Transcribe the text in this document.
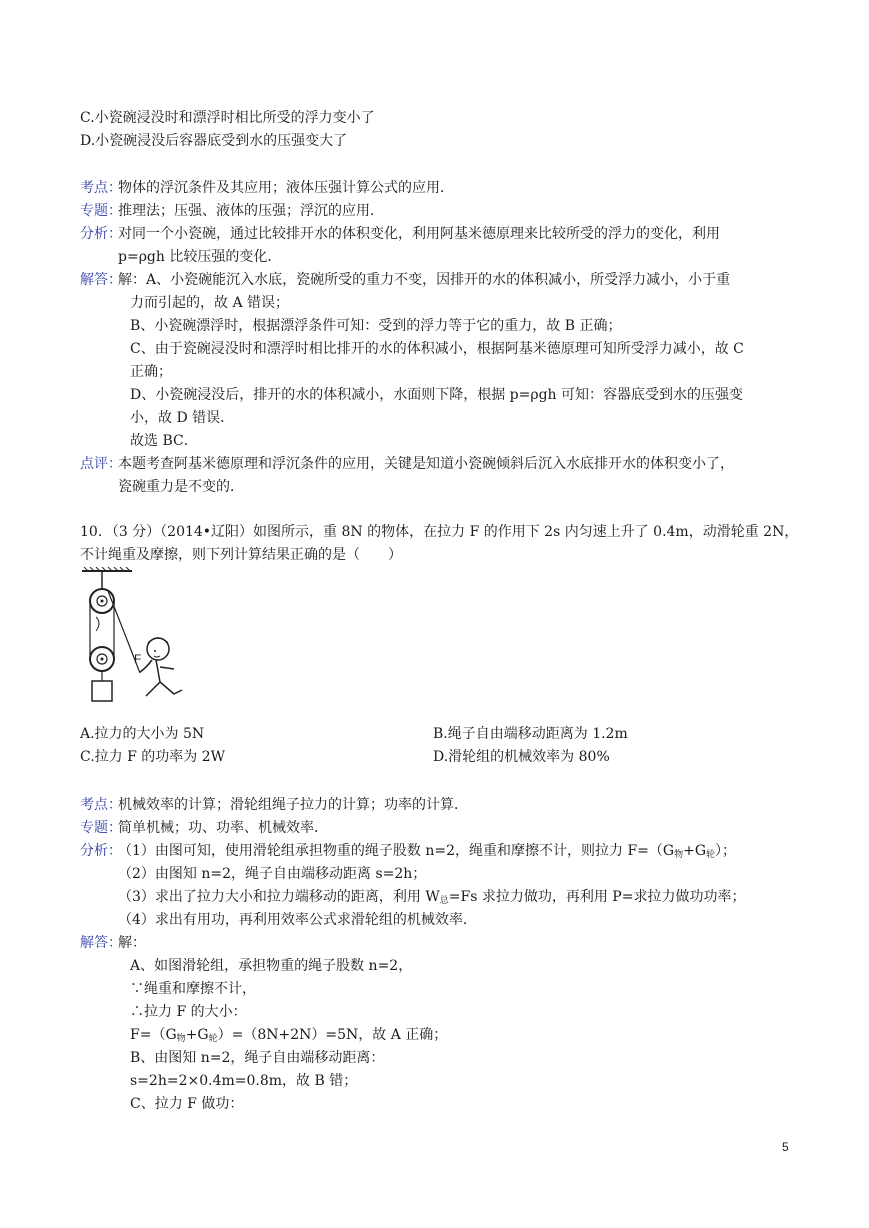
C.小瓷碗浸没时和漂浮时相比所受的浮力变小了
D.小瓷碗浸没后容器底受到水的压强变大了
考点：
物体的浮沉条件及其应用；液体压强计算公式的应用．
专题：
推理法；压强、液体的压强；浮沉的应用．
分析：
对同一个小瓷碗，通过比较排开水的体积变化，利用阿基米德原理来比较所受的浮力的变化，利用
p=ρgh 比较压强的变化．
解答：
解：A、小瓷碗能沉入水底，瓷碗所受的重力不变，因排开的水的体积减小，所受浮力减小，小于重
力而引起的，故 A 错误；
B、小瓷碗漂浮时，根据漂浮条件可知：受到的浮力等于它的重力，故 B 正确；
C、由于瓷碗浸没时和漂浮时相比排开的水的体积减小，根据阿基米德原理可知所受浮力减小，故 C
正确；
D、小瓷碗浸没后，排开的水的体积减小，水面则下降，根据 p=ρgh 可知：容器底受到水的压强变
小，故 D 错误．
故选 BC．
点评：
本题考查阿基米德原理和浮沉条件的应用，关键是知道小瓷碗倾斜后沉入水底排开水的体积变小了，
瓷碗重力是不变的．
10．（3 分）（2014•辽阳）如图所示，重 8N 的物体，在拉力 F 的作用下 2s 内匀速上升了 0.4m，动滑轮重 2N，
不计绳重及摩擦，则下列计算结果正确的是（　　）
F
A.拉力的大小为 5N	B.绳子自由端移动距离为 1.2m
C.拉力 F 的功率为 2W	D.滑轮组的机械效率为 80%
考点：
机械效率的计算；滑轮组绳子拉力的计算；功率的计算．
专题：
简单机械；功、功率、机械效率．
分析：
（1）由图可知，使用滑轮组承担物重的绳子股数 n=2，绳重和摩擦不计，则拉力 $F=(G_物+G_轮)$；
（2）由图知 n=2，绳子自由端移动距离 s=2h；
（3）求出了拉力大小和拉力端移动的距离，利用 $W_总=Fs$ 求拉力做功，再利用 P=求拉力做功功率；
（4）求出有用功，再利用效率公式求滑轮组的机械效率．
解答：
解：
A、如图滑轮组，承担物重的绳子股数 n=2，
∵绳重和摩擦不计，
∴拉力 F 的大小：
$F=(G_物+G_轮)=(8N+2N)=5N$，故 A 正确；
B、由图知 n=2，绳子自由端移动距离：
s=2h=2×0.4m=0.8m，故 B 错；
C、拉力 F 做功：
5
